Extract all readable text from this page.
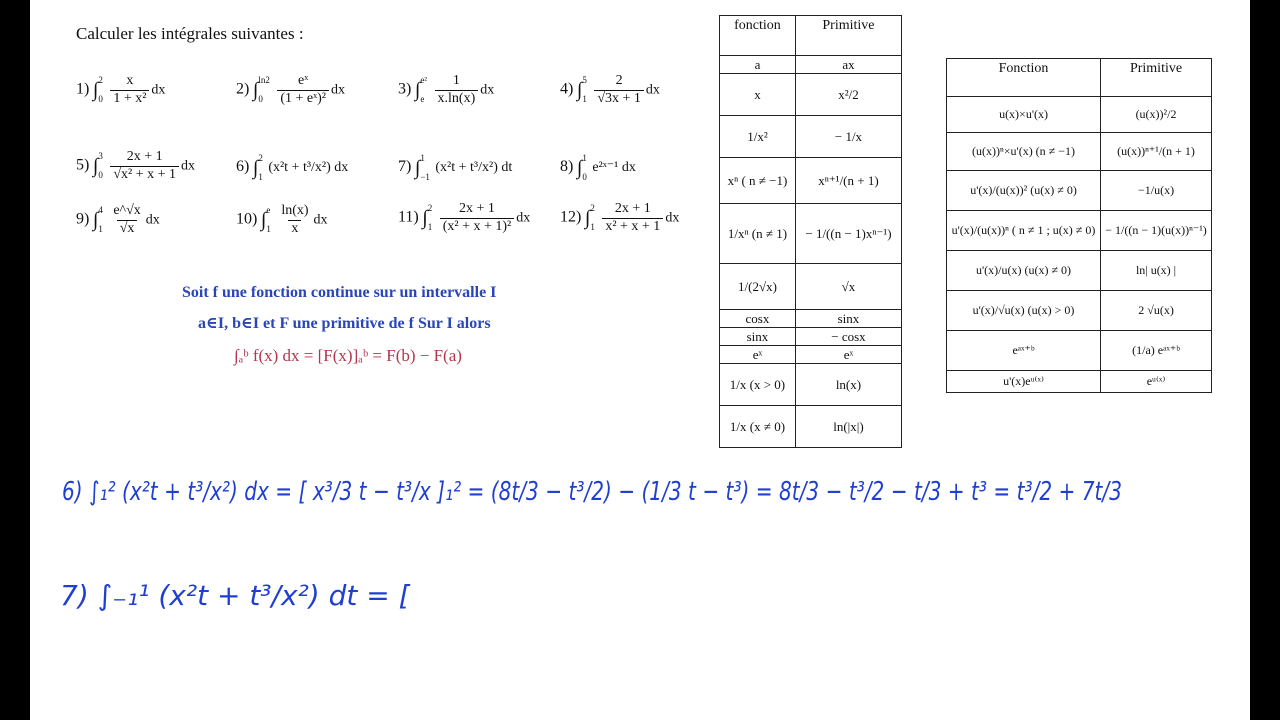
Calculer les intégrales suivantes :
1) ∫ 2
0
$\frac{x}{\text{1 + x²}}$ dx	2) ∫ ln2
0
	$\frac{\text{eˣ}}{\text{(1 + eˣ)²}}$ dx	3) ∫ e²
e
$\frac{1}{x.\ln(x)}$ dx	4) ∫ 5
1
$\frac{2}{√3x + 1}$ dx
5) ∫ 3
0
$\frac{2x + 1}{\text{√x² + x + 1}}$ dx	6) ∫ 2
1
(x²t + t³/x²) dx	7) ∫ 1
−1
(x²t + t³/x²) dt	8) ∫ 1
0
e²ˣ⁻¹ dx
9) ∫ 4
1
$\frac{e\^{}√x}{√x}$ dx	10) ∫ e
1
$\frac{\ln(x)}{x}$ dx	11) ∫ 2
1
$\frac{2x + 1}{\text{(x² + x + 1)²}}$ dx 12) ∫ 2
1
$\frac{2x + 1}{\text{x² + x + 1}}$ dx
Soit f une fonction continue sur un intervalle I
a∈I, b∈I et F une primitive de f Sur I alors
∫ₐᵇ f(x) dx = [F(x)]ₐᵇ = F(b) − F(a)
fonction	Primitive
a	ax
x	x²/2
1/x²	− 1/x
xⁿ ( n ≠ −1)	xⁿ⁺¹/(n + 1)
1/xⁿ (n ≠ 1)	− 1/((n − 1)xⁿ⁻¹)
1/(2√x)	√x
cosx	sinx
sinx	− cosx
eˣ	eˣ
1/x (x > 0)	ln(x)
1/x (x ≠ 0)	ln(|x|)
Fonction	Primitive
u(x)×u'(x)	(u(x))²/2
(u(x))ⁿ×u'(x) (n ≠ −1)	(u(x))ⁿ⁺¹/(n + 1)
u'(x)/(u(x))² (u(x) ≠ 0)	−1/u(x)
u'(x)/(u(x))ⁿ ( n ≠ 1 ; u(x) ≠ 0)	− 1/((n − 1)(u(x))ⁿ⁻¹)
u'(x)/u(x) (u(x) ≠ 0)	ln| u(x) |
u'(x)/√u(x) (u(x) > 0)	2 √u(x)
eᵃˣ⁺ᵇ	(1/a) eᵃˣ⁺ᵇ
u'(x)eᵘ⁽ˣ⁾	eᵘ⁽ˣ⁾
6) ∫₁² (x²t + t³/x²) dx = [ x³/3 t − t³/x ]₁² = (8t/3 − t³/2) − (1/3 t − t³) = 8t/3 − t³/2 − t/3 + t³ = t³/2 + 7t/3
7) ∫₋₁¹ (x²t + t³/x²) dt = [
